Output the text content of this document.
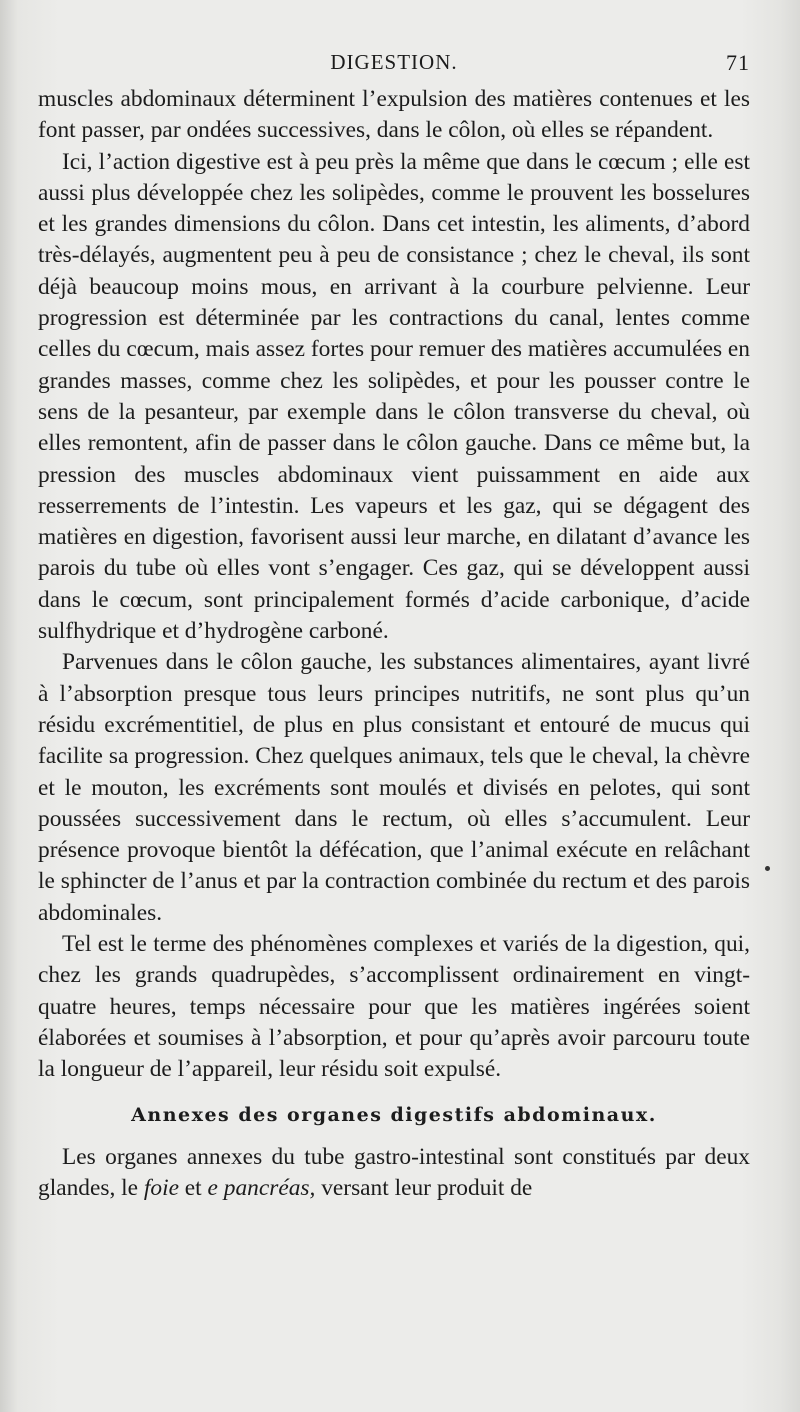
DIGESTION.	71

muscles abdominaux déterminent l’expulsion des matières contenues et les font passer, par ondées successives, dans le côlon, où elles se répandent.

Ici, l’action digestive est à peu près la même que dans le cœcum ; elle est aussi plus développée chez les solipèdes, comme le prouvent les bosselures et les grandes dimensions du côlon. Dans cet intestin, les aliments, d’abord très-délayés, augmentent peu à peu de consistance ; chez le cheval, ils sont déjà beaucoup moins mous, en arrivant à la courbure pelvienne. Leur progression est déterminée par les contractions du canal, lentes comme celles du cœcum, mais assez fortes pour remuer des matières accumulées en grandes masses, comme chez les solipèdes, et pour les pousser contre le sens de la pesanteur, par exemple dans le côlon transverse du cheval, où elles remontent, afin de passer dans le côlon gauche. Dans ce même but, la pression des muscles abdominaux vient puissamment en aide aux resserrements de l’intestin. Les vapeurs et les gaz, qui se dégagent des matières en digestion, favorisent aussi leur marche, en dilatant d’avance les parois du tube où elles vont s’engager. Ces gaz, qui se développent aussi dans le cœcum, sont principalement formés d’acide carbonique, d’acide sulfhydrique et d’hydrogène carboné.

Parvenues dans le côlon gauche, les substances alimentaires, ayant livré à l’absorption presque tous leurs principes nutritifs, ne sont plus qu’un résidu excrémentitiel, de plus en plus consistant et entouré de mucus qui facilite sa progression. Chez quelques animaux, tels que le cheval, la chèvre et le mouton, les excréments sont moulés et divisés en pelotes, qui sont poussées successivement dans le rectum, où elles s’accumulent. Leur présence provoque bientôt la défécation, que l’animal exécute en relâchant le sphincter de l’anus et par la contraction combinée du rectum et des parois abdominales.

Tel est le terme des phénomènes complexes et variés de la digestion, qui, chez les grands quadrupèdes, s’accomplissent ordinairement en vingt-quatre heures, temps nécessaire pour que les matières ingérées soient élaborées et soumises à l’absorption, et pour qu’après avoir parcouru toute la longueur de l’appareil, leur résidu soit expulsé.

Annexes des organes digestifs abdominaux.

Les organes annexes du tube gastro-intestinal sont constitués par deux glandes, le foie et e pancréas, versant leur produit de
